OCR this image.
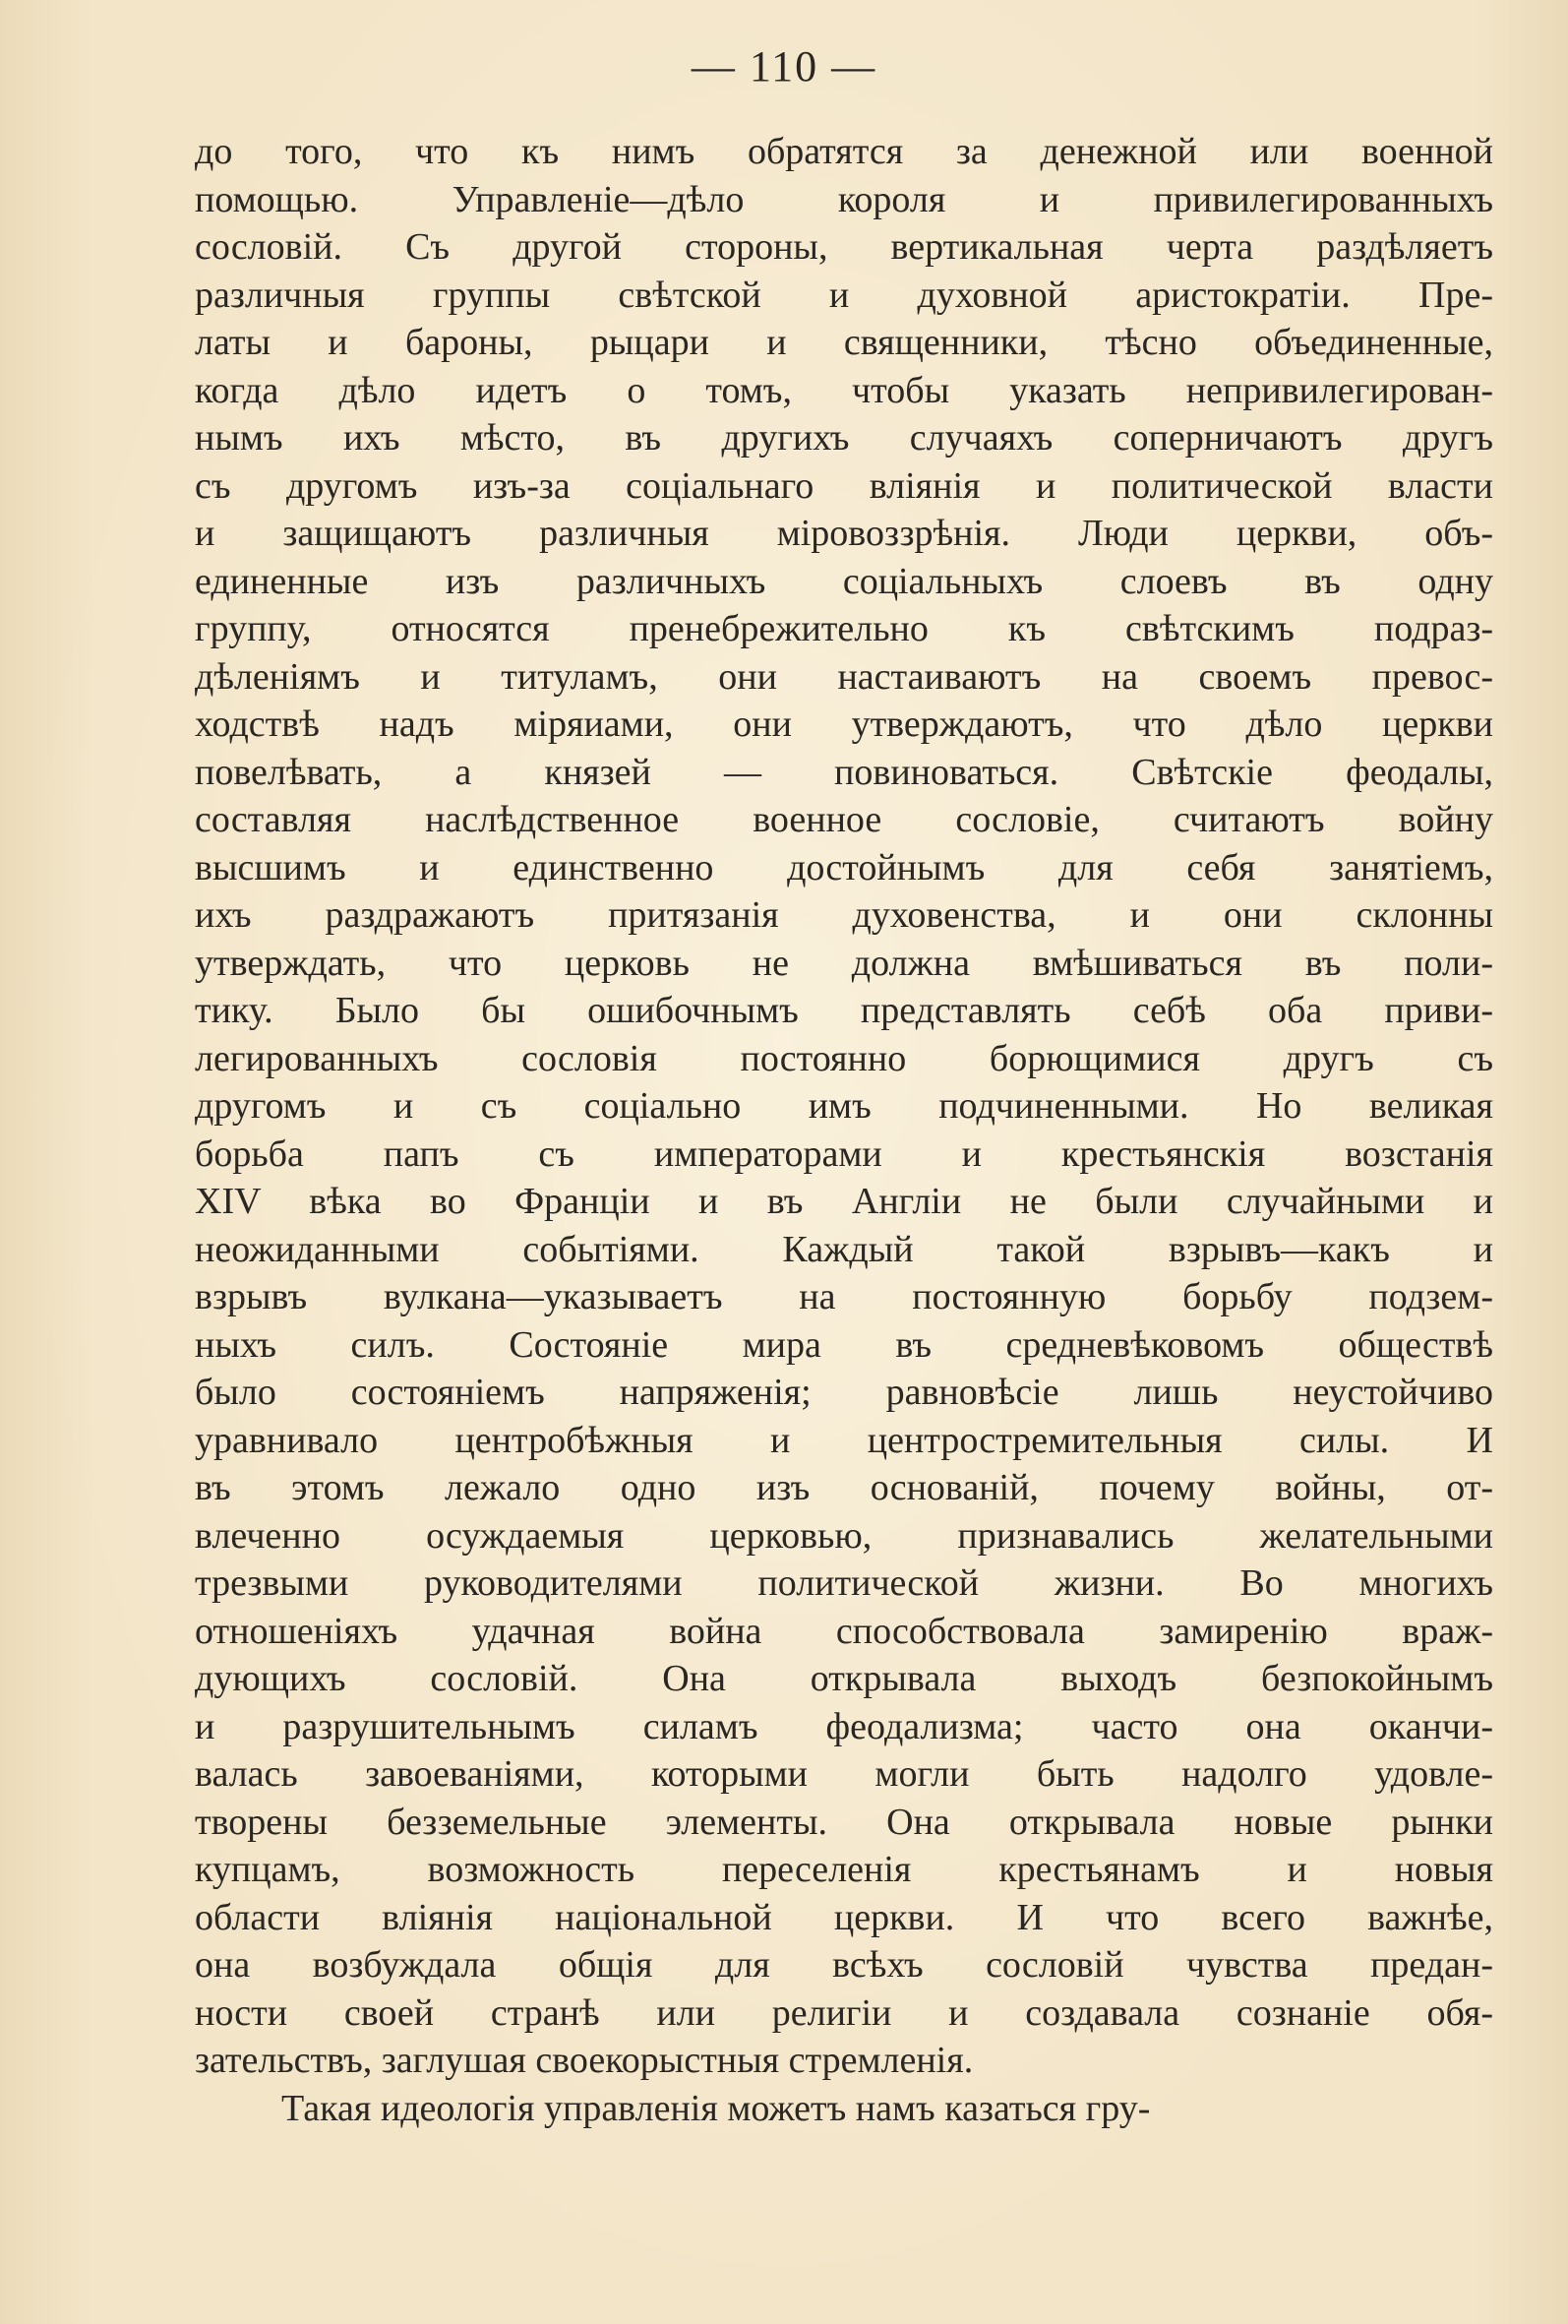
— 110 —
до того, что къ нимъ обратятся за денежной или военной
помощью. Управленіе—дѣло короля и привилегированныхъ
сословій. Съ другой стороны, вертикальная черта раздѣляетъ
различныя группы свѣтской и духовной аристократіи. Пре-
латы и бароны, рыцари и священники, тѣсно объединенные,
когда дѣло идетъ о томъ, чтобы указать непривилегирован-
нымъ ихъ мѣсто, въ другихъ случаяхъ соперничаютъ другъ
съ другомъ изъ-за соціальнаго вліянія и политической власти
и защищаютъ различныя міровоззрѣнія. Люди церкви, объ-
единенные изъ различныхъ соціальныхъ слоевъ въ одну
группу, относятся пренебрежительно къ свѣтскимъ подраз-
дѣленіямъ и титуламъ, они настаиваютъ на своемъ превос-
ходствѣ надъ міряиами, они утверждаютъ, что дѣло церкви
повелѣвать, а князей — повиноваться. Свѣтскіе феодалы,
составляя наслѣдственное военное сословіе, считаютъ войну
высшимъ и единственно достойнымъ для себя занятіемъ,
ихъ раздражаютъ притязанія духовенства, и они склонны
утверждать, что церковь не должна вмѣшиваться въ поли-
тику. Было бы ошибочнымъ представлять себѣ оба приви-
легированныхъ сословія постоянно борющимися другъ съ
другомъ и съ соціально имъ подчиненными. Но великая
борьба папъ съ императорами и крестьянскія возстанія
XIV вѣка во Франціи и въ Англіи не были случайными и
неожиданными событіями. Каждый такой взрывъ—какъ и
взрывъ вулкана—указываетъ на постоянную борьбу подзем-
ныхъ силъ. Состояніе мира въ средневѣковомъ обществѣ
было состояніемъ напряженія; равновѣсіе лишь неустойчиво
уравнивало центробѣжныя и центростремительныя силы. И
въ этомъ лежало одно изъ основаній, почему войны, от-
влеченно осуждаемыя церковью, признавались желательными
трезвыми руководителями политической жизни. Во многихъ
отношеніяхъ удачная война способствовала замиренію враж-
дующихъ сословій. Она открывала выходъ безпокойнымъ
и разрушительнымъ силамъ феодализма; часто она оканчи-
валась завоеваніями, которыми могли быть надолго удовле-
творены безземельные элементы. Она открывала новые рынки
купцамъ, возможность переселенія крестьянамъ и новыя
области вліянія національной церкви. И что всего важнѣе,
она возбуждала общія для всѣхъ сословій чувства предан-
ности своей странѣ или религіи и создавала сознаніе обя-
зательствъ, заглушая своекорыстныя стремленія.
Такая идеологія управленія можетъ намъ казаться гру-
